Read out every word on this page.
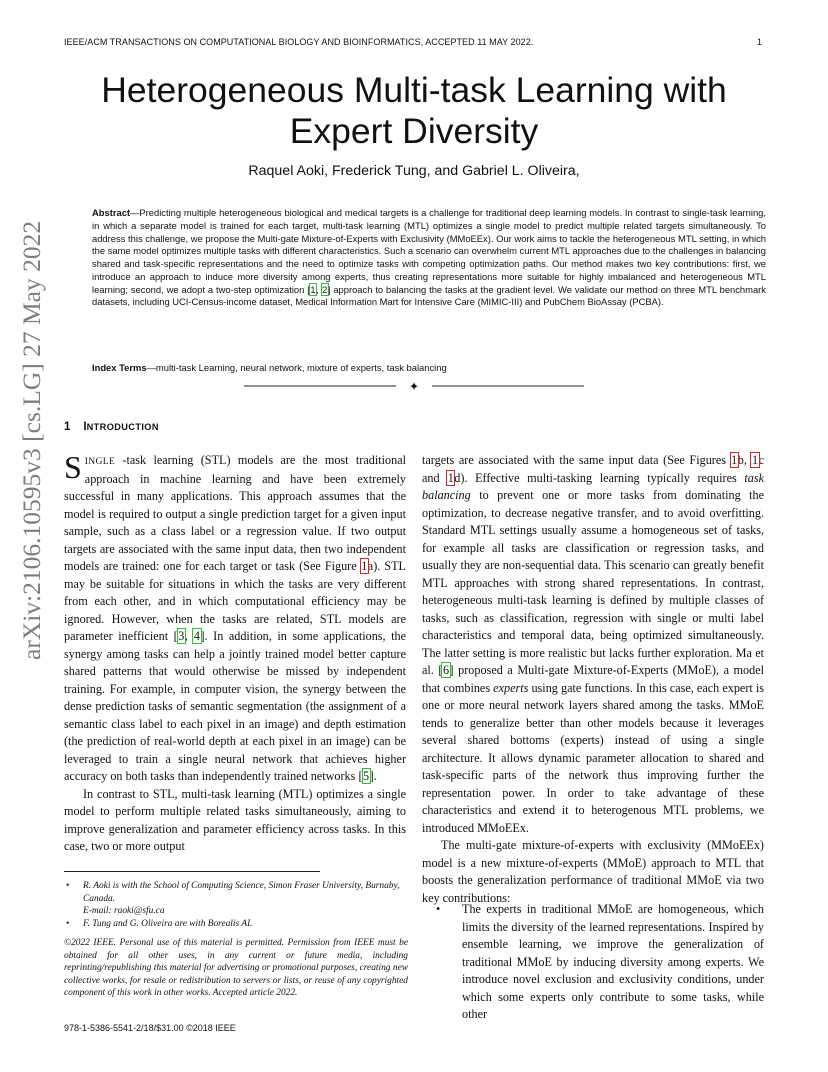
IEEE/ACM TRANSACTIONS ON COMPUTATIONAL BIOLOGY AND BIOINFORMATICS, ACCEPTED 11 MAY 2022.	1
Heterogeneous Multi-task Learning with Expert Diversity
Raquel Aoki, Frederick Tung, and Gabriel L. Oliveira,
Abstract—Predicting multiple heterogeneous biological and medical targets is a challenge for traditional deep learning models. In contrast to single-task learning, in which a separate model is trained for each target, multi-task learning (MTL) optimizes a single model to predict multiple related targets simultaneously. To address this challenge, we propose the Multi-gate Mixture-of-Experts with Exclusivity (MMoEEx). Our work aims to tackle the heterogeneous MTL setting, in which the same model optimizes multiple tasks with different characteristics. Such a scenario can overwhelm current MTL approaches due to the challenges in balancing shared and task-specific representations and the need to optimize tasks with competing optimization paths. Our method makes two key contributions: first, we introduce an approach to induce more diversity among experts, thus creating representations more suitable for highly imbalanced and heterogeneous MTL learning; second, we adopt a two-step optimization [1, 2] approach to balancing the tasks at the gradient level. We validate our method on three MTL benchmark datasets, including UCI-Census-income dataset, Medical Information Mart for Intensive Care (MIMIC-III) and PubChem BioAssay (PCBA).
Index Terms—multi-task Learning, neural network, mixture of experts, task balancing
✦
arXiv:2106.10595v3 [cs.LG] 27 May 2022 1 INTRODUCTION

SINGLE -task learning (STL) models are the most traditional approach in machine learning and have been extremely successful in many applications. This approach assumes that the model is required to output a single prediction target for a given input sample, such as a class label or a regression value. If two output targets are associated with the same input data, then two independent models are trained: one for each target or task (See Figure 1a). STL may be suitable for situations in which the tasks are very different from each other, and in which computational efficiency may be ignored. However, when the tasks are related, STL models are parameter inefficient [3, 4]. In addition, in some applications, the synergy among tasks can help a jointly trained model better capture shared patterns that would otherwise be missed by independent training. For example, in computer vision, the synergy between the dense prediction tasks of semantic segmentation (the assignment of a semantic class label to each pixel in an image) and depth estimation (the prediction of real-world depth at each pixel in an image) can be leveraged to train a single neural network that achieves higher accuracy on both tasks than independently trained networks [5].

In contrast to STL, multi-task learning (MTL) optimizes a single model to perform multiple related tasks simultaneously, aiming to improve generalization and parameter efficiency across tasks. In this case, two or more output

• R. Aoki is with the School of Computing Science, Simon Fraser University, Burnaby, Canada.
E-mail: raoki@sfu.ca
• F. Tung and G. Oliveira are with Borealis AI.
©2022 IEEE. Personal use of this material is permitted. Permission from IEEE must be obtained for all other uses, in any current or future media, including reprinting/republishing this material for advertising or promotional purposes, creating new collective works, for resale or redistribution to servers or lists, or reuse of any copyrighted component of this work in other works. Accepted article 2022.
978-1-5386-5541-2/18/$31.00 ©2018 IEEE

targets are associated with the same input data (See Figures 1b, 1c and 1d). Effective multi-tasking learning typically requires task balancing to prevent one or more tasks from dominating the optimization, to decrease negative transfer, and to avoid overfitting. Standard MTL settings usually assume a homogeneous set of tasks, for example all tasks are classification or regression tasks, and usually they are non-sequential data. This scenario can greatly benefit MTL approaches with strong shared representations. In contrast, heterogeneous multi-task learning is defined by multiple classes of tasks, such as classification, regression with single or multi label characteristics and temporal data, being optimized simultaneously. The latter setting is more realistic but lacks further exploration. Ma et al. [6] proposed a Multi-gate Mixture-of-Experts (MMoE), a model that combines experts using gate functions. In this case, each expert is one or more neural network layers shared among the tasks. MMoE tends to generalize better than other models because it leverages several shared bottoms (experts) instead of using a single architecture. It allows dynamic parameter allocation to shared and task-specific parts of the network thus improving further the representation power. In order to take advantage of these characteristics and extend it to heterogenous MTL problems, we introduced MMoEEx.

The multi-gate mixture-of-experts with exclusivity (MMoEEx) model is a new mixture-of-experts (MMoE) approach to MTL that boosts the generalization performance of traditional MMoE via two key contributions:

• The experts in traditional MMoE are homogeneous, which limits the diversity of the learned representations. Inspired by ensemble learning, we improve the generalization of traditional MMoE by inducing diversity among experts. We introduce novel exclusion and exclusivity conditions, under which some experts only contribute to some tasks, while other
